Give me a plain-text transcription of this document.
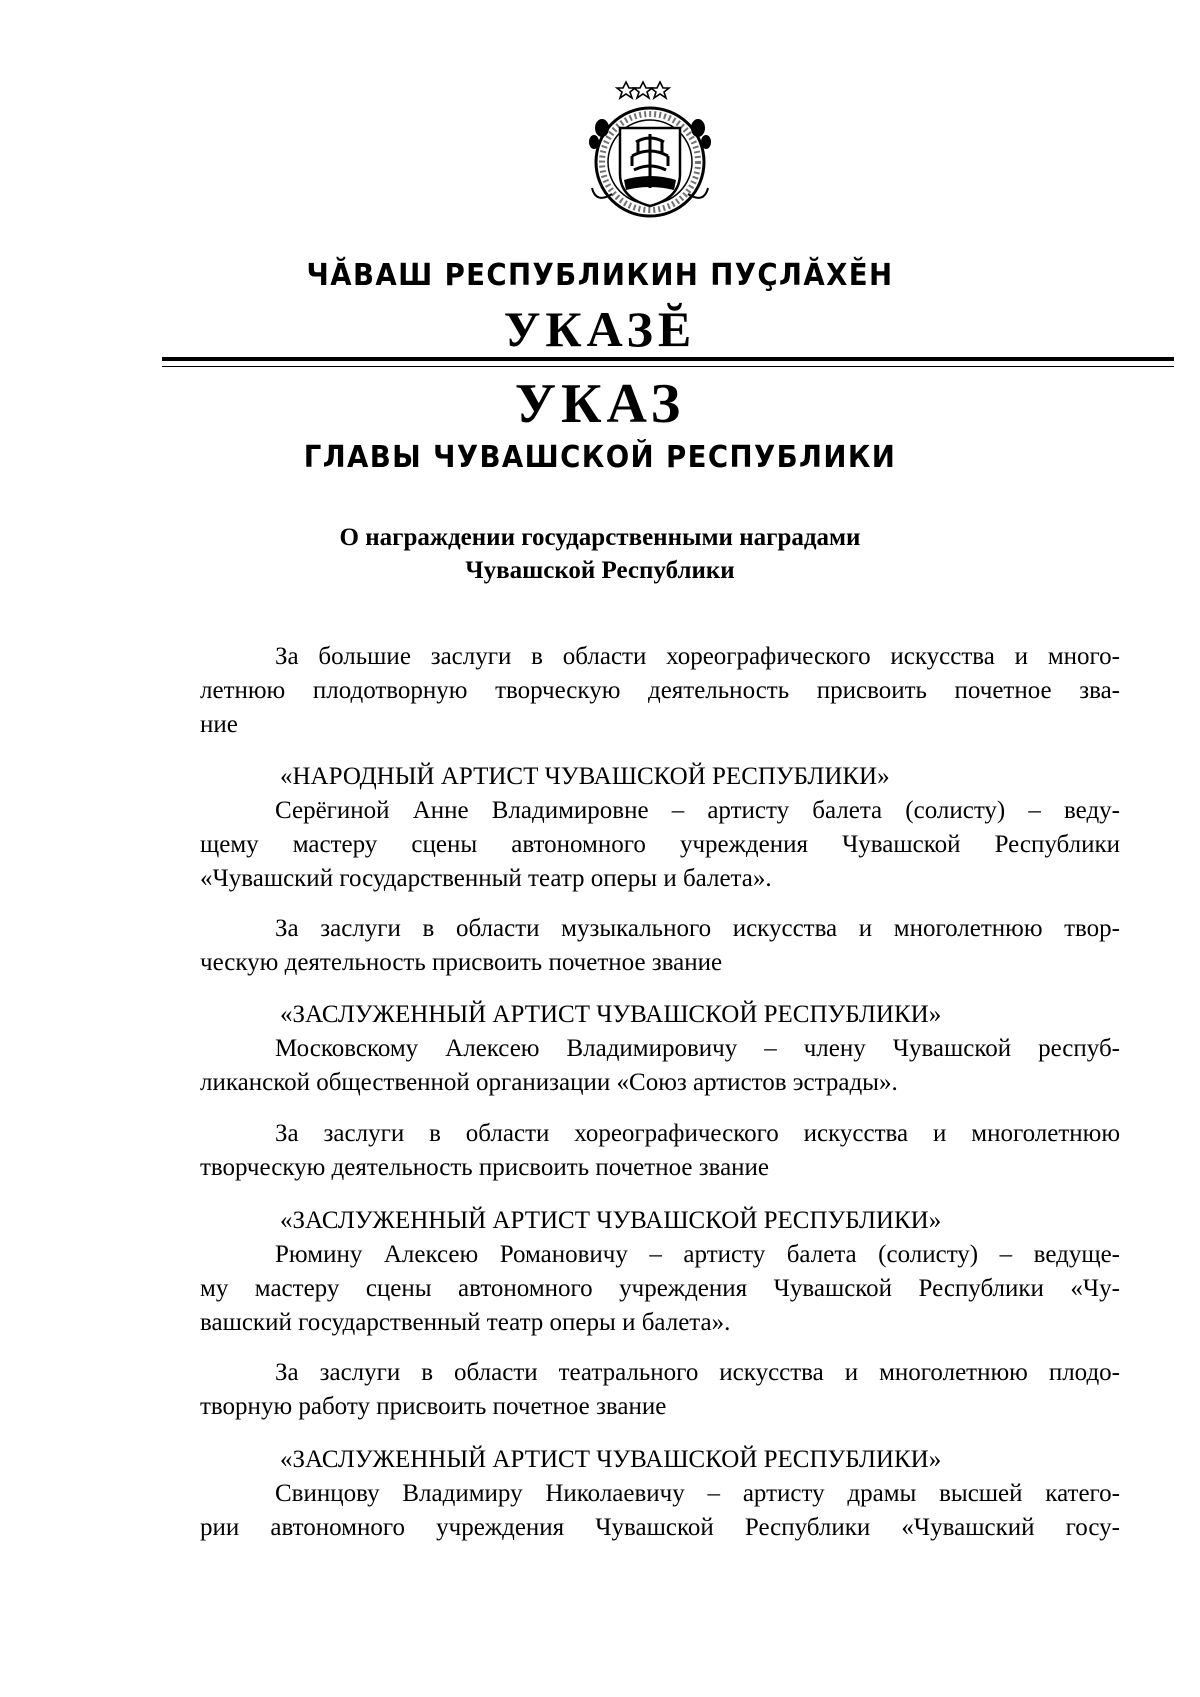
ЧĂВАШ РЕСПУБЛИКИН ПУÇЛĂХĔН
УКАЗĔ
УКАЗ
ГЛАВЫ ЧУВАШСКОЙ РЕСПУБЛИКИ
О награждении государственными наградами
Чувашской Республики
За большие заслуги в области хореографического искусства и много-
летнюю плодотворную творческую деятельность присвоить почетное зва-
ние
«НАРОДНЫЙ АРТИСТ ЧУВАШСКОЙ РЕСПУБЛИКИ»
Серёгиной Анне Владимировне – артисту балета (солисту) – веду-
щему мастеру сцены автономного учреждения Чувашской Республики
«Чувашский государственный театр оперы и балета».
За заслуги в области музыкального искусства и многолетнюю твор-
ческую деятельность присвоить почетное звание
«ЗАСЛУЖЕННЫЙ АРТИСТ ЧУВАШСКОЙ РЕСПУБЛИКИ»
Московскому Алексею Владимировичу – члену Чувашской респуб-
ликанской общественной организации «Союз артистов эстрады».
За заслуги в области хореографического искусства и многолетнюю
творческую деятельность присвоить почетное звание
«ЗАСЛУЖЕННЫЙ АРТИСТ ЧУВАШСКОЙ РЕСПУБЛИКИ»
Рюмину Алексею Романовичу – артисту балета (солисту) – ведуще-
му мастеру сцены автономного учреждения Чувашской Республики «Чу-
вашский государственный театр оперы и балета».
За заслуги в области театрального искусства и многолетнюю плодо-
творную работу присвоить почетное звание
«ЗАСЛУЖЕННЫЙ АРТИСТ ЧУВАШСКОЙ РЕСПУБЛИКИ»
Свинцову Владимиру Николаевичу – артисту драмы высшей катего-
рии автономного учреждения Чувашской Республики «Чувашский госу-
